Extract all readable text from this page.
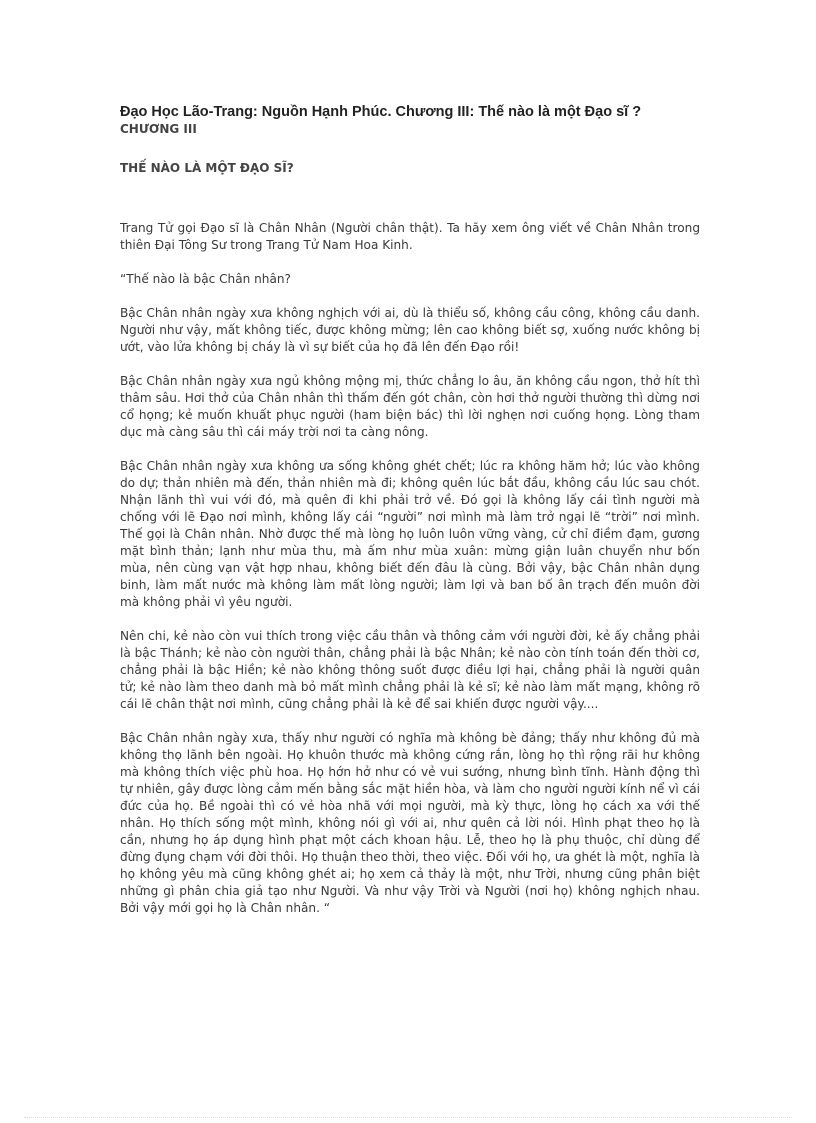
Đạo Học Lão-Trang: Nguồn Hạnh Phúc. Chương III: Thế nào là một Đạo sĩ ?
CHƯƠNG III
THẾ NÀO LÀ MỘT ĐẠO SĨ?

Trang Tử gọi Đạo sĩ là Chân Nhân (Người chân thật). Ta hãy xem ông viết về Chân Nhân trong thiên Đại Tông Sư trong Trang Tử Nam Hoa Kinh.

“Thế nào là bậc Chân nhân?

Bậc Chân nhân ngày xưa không nghịch với ai, dù là thiểu số, không cầu công, không cầu danh. Người như vậy, mất không tiếc, được không mừng; lên cao không biết sợ, xuống nước không bị ướt, vào lửa không bị cháy là vì sự biết của họ đã lên đến Đạo rồi!

Bậc Chân nhân ngày xưa ngủ không mộng mị, thức chẳng lo âu, ăn không cầu ngon, thở hít thì thâm sâu. Hơi thở của Chân nhân thì thấm đến gót chân, còn hơi thở người thường thì dừng nơi cổ họng; kẻ muốn khuất phục người (ham biện bác) thì lời nghẹn nơi cuống họng. Lòng tham dục mà càng sâu thì cái máy trời nơi ta càng nông.

Bậc Chân nhân ngày xưa không ưa sống không ghét chết; lúc ra không hăm hở; lúc vào không do dự; thản nhiên mà đến, thản nhiên mà đi; không quên lúc bắt đầu, không cầu lúc sau chót. Nhận lãnh thì vui với đó, mà quên đi khi phải trở về. Đó gọi là không lấy cái tình người mà chống với lẽ Đạo nơi mình, không lấy cái “người” nơi mình mà làm trở ngại lẽ “trời” nơi mình. Thế gọi là Chân nhân. Nhờ được thế mà lòng họ luôn luôn vững vàng, cử chỉ điềm đạm, gương mặt bình thản; lạnh như mùa thu, mà ấm như mùa xuân: mừng giận luân chuyển như bốn mùa, nên cùng vạn vật hợp nhau, không biết đến đâu là cùng. Bởi vậy, bậc Chân nhân dụng binh, làm mất nước mà không làm mất lòng người; làm lợi và ban bố ân trạch đến muôn đời mà không phải vì yêu người.

Nên chi, kẻ nào còn vui thích trong việc cầu thân và thông cảm với người đời, kẻ ấy chẳng phải là bậc Thánh; kẻ nào còn người thân, chẳng phải là bậc Nhân; kẻ nào còn tính toán đến thời cơ, chẳng phải là bậc Hiền; kẻ nào không thông suốt được điều lợi hại, chẳng phải là người quân tử; kẻ nào làm theo danh mà bỏ mất mình chẳng phải là kẻ sĩ; kẻ nào làm mất mạng, không rõ cái lẽ chân thật nơi mình, cũng chẳng phải là kẻ để sai khiến được người vậy....

Bậc Chân nhân ngày xưa, thấy như người có nghĩa mà không bè đảng; thấy như không đủ mà không thọ lãnh bên ngoài. Họ khuôn thước mà không cứng rắn, lòng họ thì rộng rãi hư không mà không thích việc phù hoa. Họ hớn hở như có vẻ vui sướng, nhưng bình tĩnh. Hành động thì tự nhiên, gây được lòng cảm mến bằng sắc mặt hiền hòa, và làm cho người người kính nể vì cái đức của họ. Bề ngoài thì có vẻ hòa nhã với mọi người, mà kỳ thực, lòng họ cách xa với thế nhân. Họ thích sống một mình, không nói gì với ai, như quên cả lời nói. Hình phạt theo họ là cần, nhưng họ áp dụng hình phạt một cách khoan hậu. Lễ, theo họ là phụ thuộc, chỉ dùng để đừng đụng chạm với đời thôi. Họ thuận theo thời, theo việc. Đối với họ, ưa ghét là một, nghĩa là họ không yêu mà cũng không ghét ai; họ xem cả thảy là một, như Trời, nhưng cũng phân biệt những gì phân chia giả tạo như Người. Và như vậy Trời và Người (nơi họ) không nghịch nhau. Bởi vậy mới gọi họ là Chân nhân. “
